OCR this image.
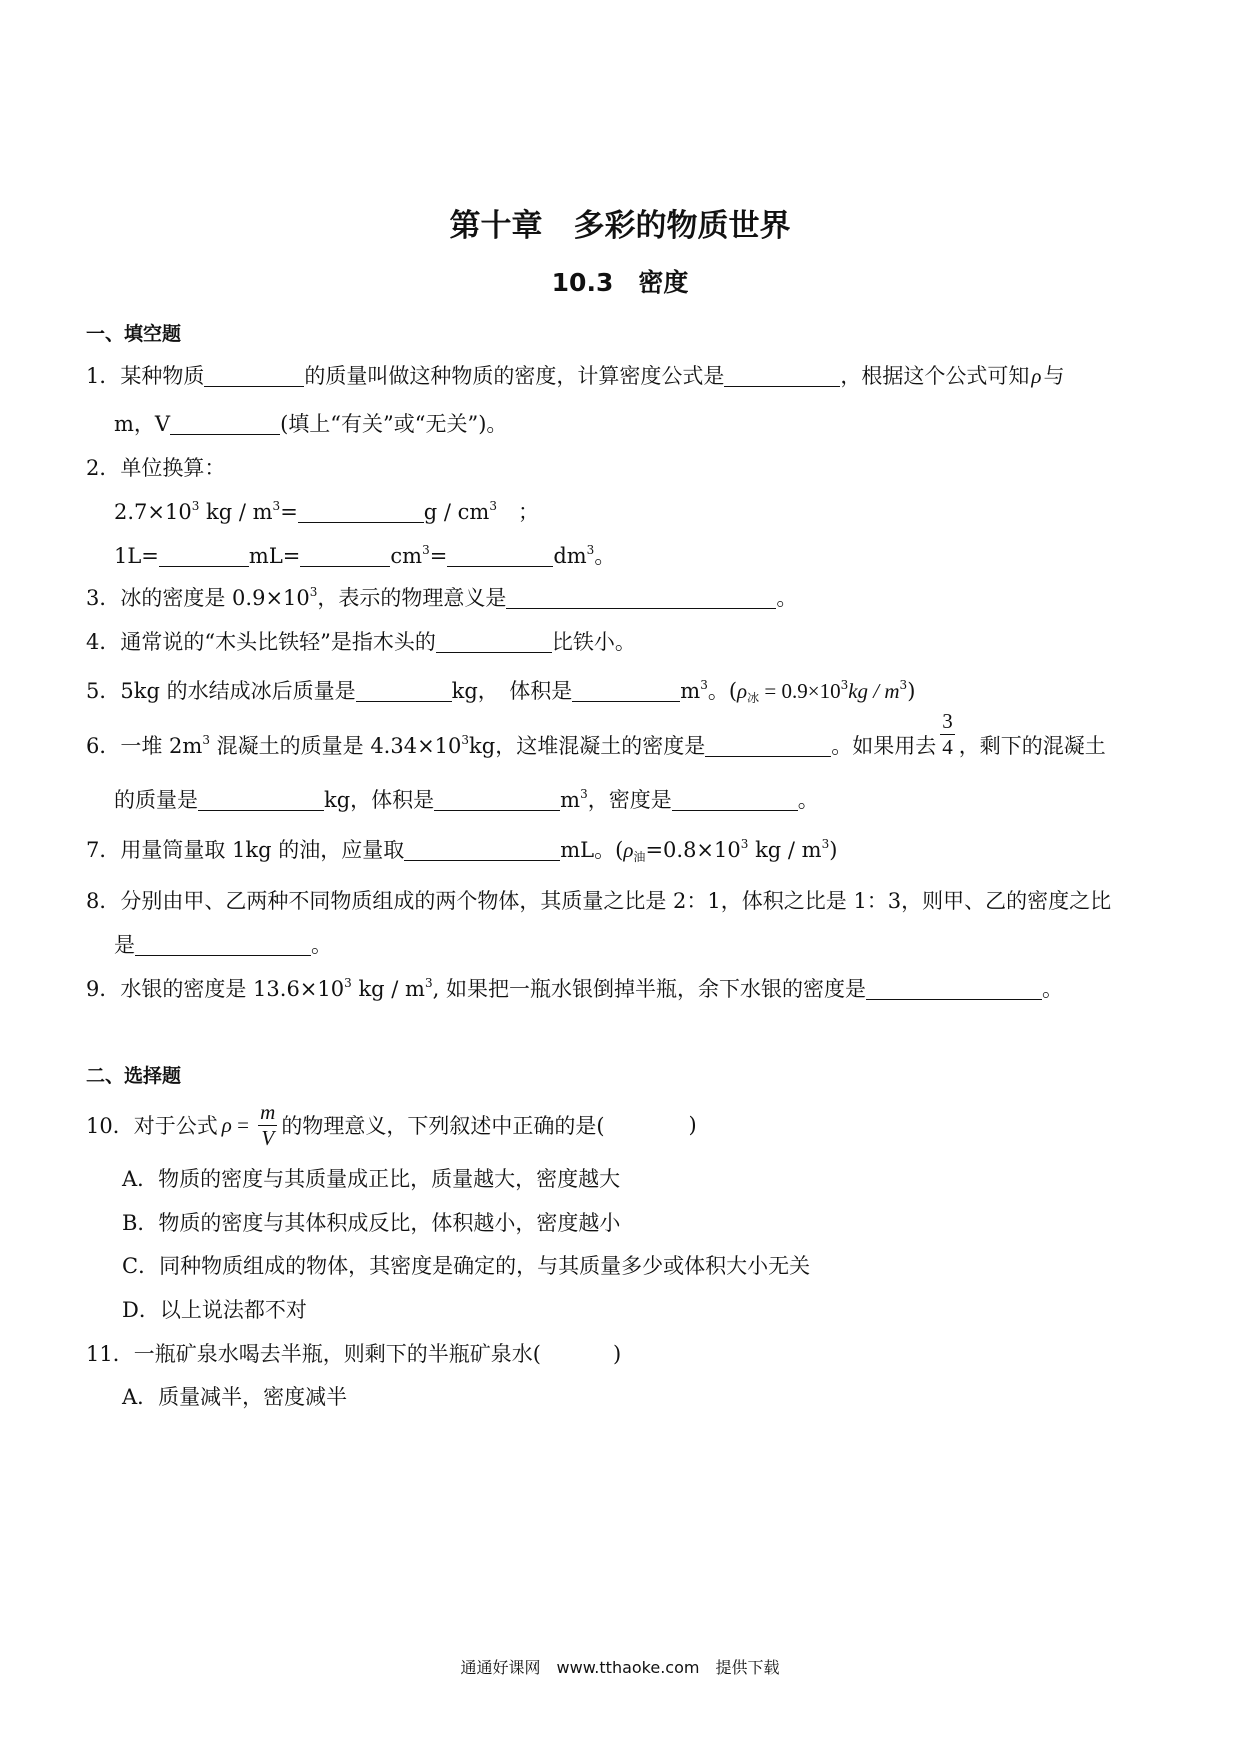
第十章　多彩的物质世界
10.3　密度
一、填空题
1．某种物质	的质量叫做这种物质的密度，计算密度公式是	，根据这个公式可知ρ与
m，V	(填上“有关”或“无关”)。
2．单位换算：
$2.7\times 10^3$ kg / $m^3=$	g / $cm^3$　；
1L=	mL=	$cm^3=$	$dm^3$。
3．冰的密度是 $0.9\times 10^3$，表示的物理意义是	。
4．通常说的“木头比铁轻”是指木头的	比铁小。
5．5kg 的水结成冰后质量是	kg，　体积是	$m^3$。$(\rho_冰 = 0.9\times 10^3kg / m^3)$
6．一堆 $2m^3$ 混凝土的质量是 $4.34\times 10^3kg$，这堆混凝土的密度是	。如果用去 $\frac{3}{4}$ ，剩下的混凝土
的质量是	kg，体积是	$m^3$，密度是	。
7．用量筒量取 1kg 的油，应量取	mL。($\rho_油=0.8\times 10^3$ kg / $m^3$)
8．分别由甲、乙两种不同物质组成的两个物体，其质量之比是 2：1，体积之比是 1：3，则甲、乙的密度之比
是	。
9．水银的密度是 $13.6\times 10^3$ kg / $m^3$, 如果把一瓶水银倒掉半瓶，余下水银的密度是	。
二、选择题
10． 对于公式 $\rho = \frac{m}{V}$ 的物理意义，下列叙述中正确的是(	)
A．物质的密度与其质量成正比，质量越大，密度越大
B．物质的密度与其体积成反比，体积越小，密度越小
C．同种物质组成的物体，其密度是确定的，与其质量多少或体积大小无关
D．以上说法都不对
11．一瓶矿泉水喝去半瓶，则剩下的半瓶矿泉水(	)
A．质量减半，密度减半
通通好课网　www.tthaoke.com　提供下载
